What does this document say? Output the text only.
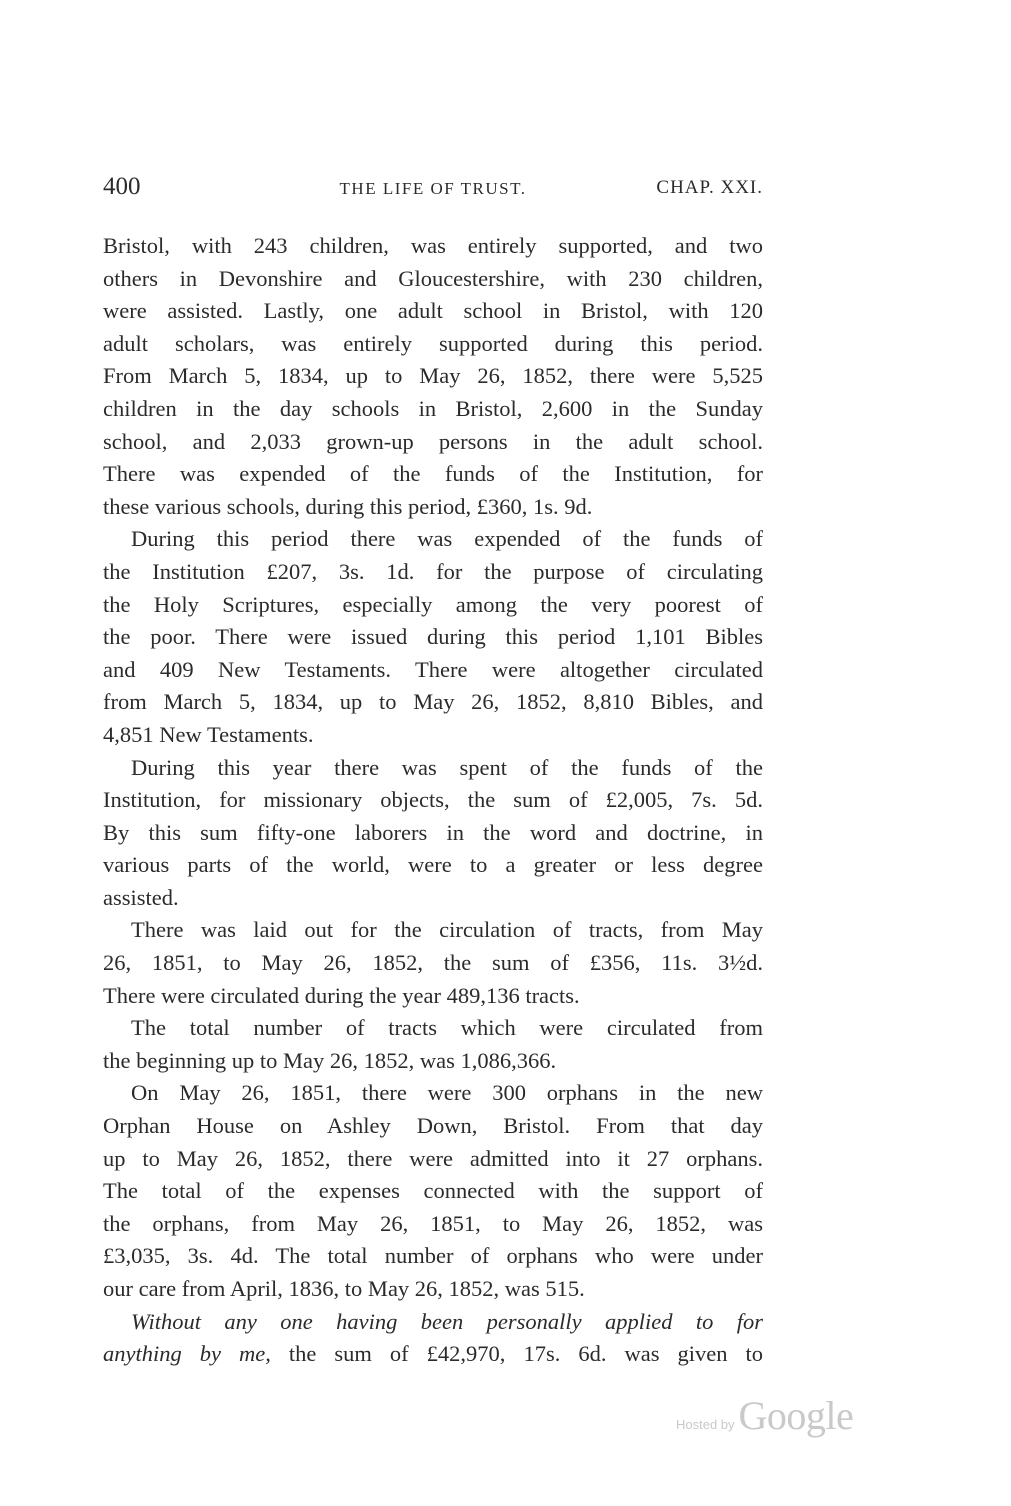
400	THE LIFE OF TRUST.	CHAP. XXI.
Bristol, with 243 children, was entirely supported, and two
others in Devonshire and Gloucestershire, with 230 children,
were assisted. Lastly, one adult school in Bristol, with 120
adult scholars, was entirely supported during this period.
From March 5, 1834, up to May 26, 1852, there were 5,525
children in the day schools in Bristol, 2,600 in the Sunday
school, and 2,033 grown-up persons in the adult school.
There was expended of the funds of the Institution, for
these various schools, during this period, £360, 1s. 9d.
During this period there was expended of the funds of
the Institution £207, 3s. 1d. for the purpose of circulating
the Holy Scriptures, especially among the very poorest of
the poor. There were issued during this period 1,101 Bibles
and 409 New Testaments. There were altogether circulated
from March 5, 1834, up to May 26, 1852, 8,810 Bibles, and
4,851 New Testaments.
During this year there was spent of the funds of the
Institution, for missionary objects, the sum of £2,005, 7s. 5d.
By this sum fifty-one laborers in the word and doctrine, in
various parts of the world, were to a greater or less degree
assisted.
There was laid out for the circulation of tracts, from May
26, 1851, to May 26, 1852, the sum of £356, 11s. 3½d.
There were circulated during the year 489,136 tracts.
The total number of tracts which were circulated from
the beginning up to May 26, 1852, was 1,086,366.
On May 26, 1851, there were 300 orphans in the new
Orphan House on Ashley Down, Bristol. From that day
up to May 26, 1852, there were admitted into it 27 orphans.
The total of the expenses connected with the support of
the orphans, from May 26, 1851, to May 26, 1852, was
£3,035, 3s. 4d. The total number of orphans who were under
our care from April, 1836, to May 26, 1852, was 515.
Without any one having been personally applied to for
anything by me, the sum of £42,970, 17s. 6d. was given to
Hosted by Google
